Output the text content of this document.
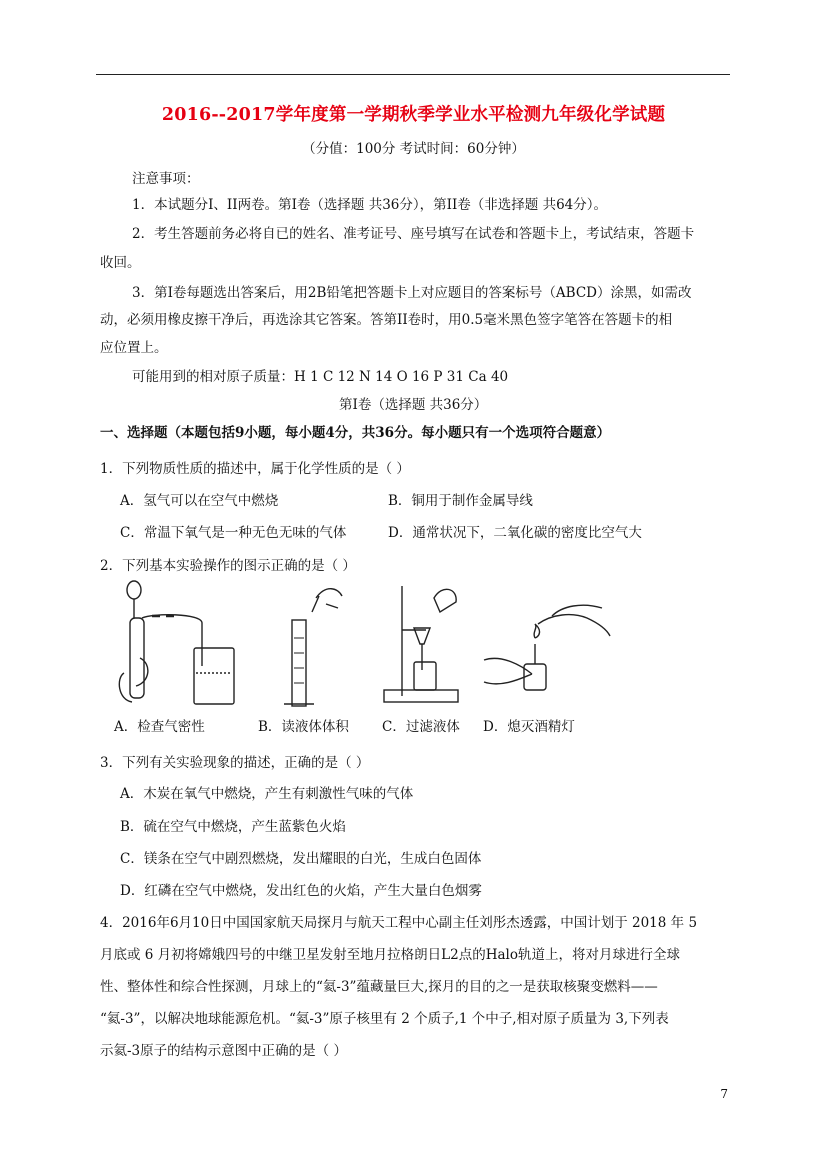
2016--2017学年度第一学期秋季学业水平检测九年级化学试题
（分值：100分 考试时间：60分钟）
注意事项：
1．本试题分Ⅰ、II两卷。第Ⅰ卷（选择题 共36分），第II卷（非选择题 共64分）。
2．考生答题前务必将自已的姓名、准考证号、座号填写在试卷和答题卡上，考试结束，答题卡
收回。
3．第Ⅰ卷每题选出答案后，用2B铅笔把答题卡上对应题目的答案标号（ABCD）涂黑，如需改
动，必须用橡皮擦干净后，再选涂其它答案。答第II卷时，用0.5毫米黑色签字笔答在答题卡的相
应位置上。
可能用到的相对原子质量：H 1 C 12 N 14 O 16 P 31 Ca 40
第Ⅰ卷（选择题 共36分）
一、选择题（本题包括9小题，每小题4分，共36分。每小题只有一个选项符合题意）
1．下列物质性质的描述中，属于化学性质的是（ ）
A．氢气可以在空气中燃烧	B．铜用于制作金属导线
C．常温下氧气是一种无色无味的气体	D．通常状况下，二氧化碳的密度比空气大
2．下列基本实验操作的图示正确的是（ ）
A．检查气密性	B．读液体体积 C．过滤液体 D．熄灭酒精灯
3．下列有关实验现象的描述，正确的是（ ）
A．木炭在氧气中燃烧，产生有刺激性气味的气体
B．硫在空气中燃烧，产生蓝紫色火焰
C．镁条在空气中剧烈燃烧，发出耀眼的白光，生成白色固体
D．红磷在空气中燃烧，发出红色的火焰，产生大量白色烟雾
4．2016年6月10日中国国家航天局探月与航天工程中心副主任刘彤杰透露，中国计划于 2018 年 5
月底或 6 月初将嫦娥四号的中继卫星发射至地月拉格朗日L2点的Halo轨道上，将对月球进行全球
性、整体性和综合性探测，月球上的“氦-3”蕴藏量巨大,探月的目的之一是获取核聚变燃料——
“氦-3”，以解决地球能源危机。“氦-3”原子核里有 2 个质子,1 个中子,相对原子质量为 3,下列表
示氦-3原子的结构示意图中正确的是（ ）
7
